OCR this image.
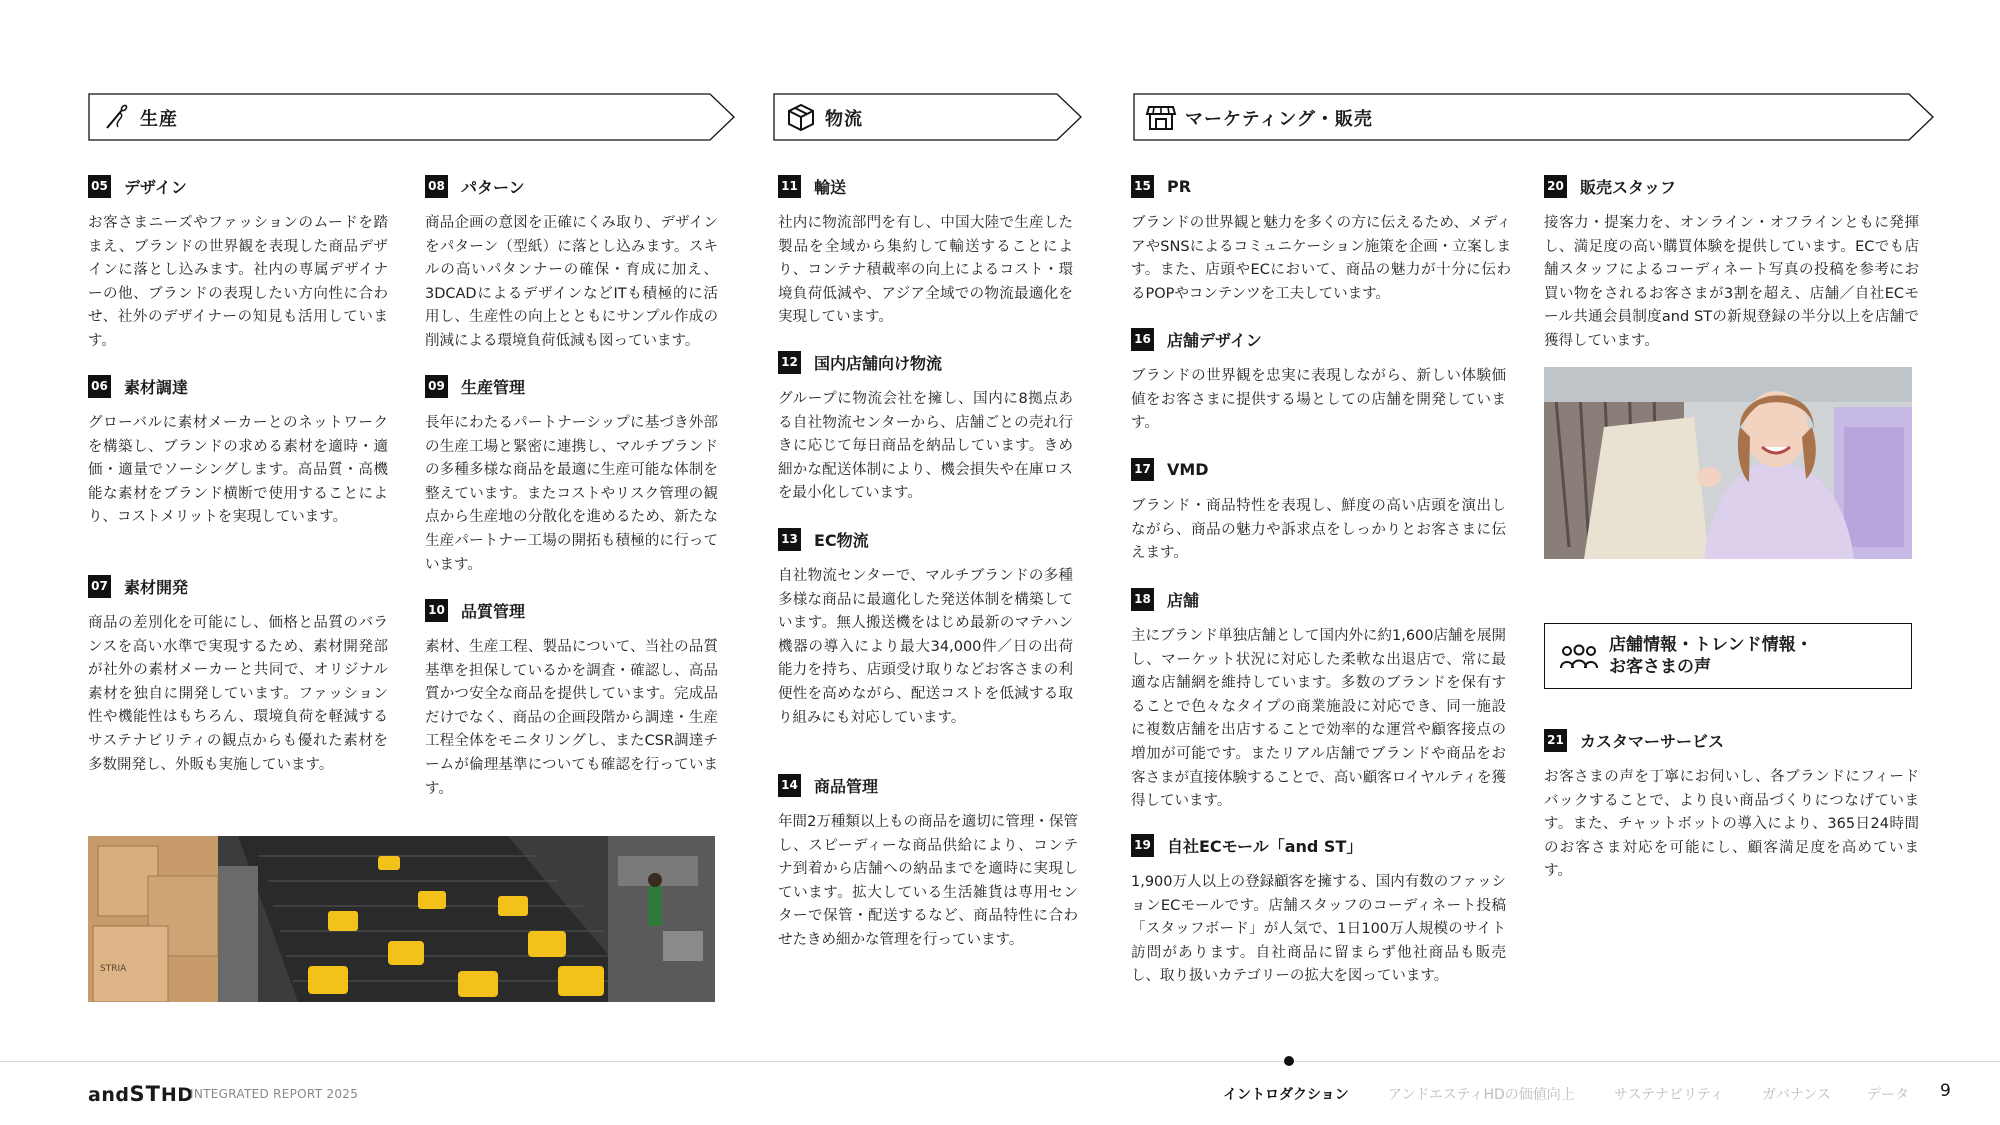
生産	物流	マーケティング・販売
05 デザイン

お客さまニーズやファッションのムードを踏まえ、ブランドの世界観を表現した商品デザインに落とし込みます。社内の専属デザイナーの他、ブランドの表現したい方向性に合わせ、社外のデザイナーの知見も活用しています。

06 素材調達

グローバルに素材メーカーとのネットワークを構築し、ブランドの求める素材を適時・適価・適量でソーシングします。高品質・高機能な素材をブランド横断で使用することにより、コストメリットを実現しています。

07 素材開発

商品の差別化を可能にし、価格と品質のバランスを高い水準で実現するため、素材開発部が社外の素材メーカーと共同で、オリジナル素材を独自に開発しています。ファッション性や機能性はもちろん、環境負荷を軽減するサステナビリティの観点からも優れた素材を多数開発し、外販も実施しています。

08 パターン

商品企画の意図を正確にくみ取り、デザインをパターン（型紙）に落とし込みます。スキルの高いパタンナーの確保・育成に加え、3DCADによるデザインなどITも積極的に活用し、生産性の向上とともにサンプル作成の削減による環境負荷低減も図っています。

09 生産管理

長年にわたるパートナーシップに基づき外部の生産工場と緊密に連携し、マルチブランドの多種多様な商品を最適に生産可能な体制を整えています。またコストやリスク管理の観点から生産地の分散化を進めるため、新たな生産パートナー工場の開拓も積極的に行っています。

10 品質管理

素材、生産工程、製品について、当社の品質基準を担保しているかを調査・確認し、高品質かつ安全な商品を提供しています。完成品だけでなく、商品の企画段階から調達・生産工程全体をモニタリングし、またCSR調達チームが倫理基準についても確認を行っています。

STRIA
11 輸送

社内に物流部門を有し、中国大陸で生産した製品を全域から集約して輸送することにより、コンテナ積載率の向上によるコスト・環境負荷低減や、アジア全域での物流最適化を実現しています。

12 国内店舗向け物流

グループに物流会社を擁し、国内に8拠点ある自社物流センターから、店舗ごとの売れ行きに応じて毎日商品を納品しています。きめ細かな配送体制により、機会損失や在庫ロスを最小化しています。

13 EC物流

自社物流センターで、マルチブランドの多種多様な商品に最適化した発送体制を構築しています。無人搬送機をはじめ最新のマテハン機器の導入により最大34,000件／日の出荷能力を持ち、店頭受け取りなどお客さまの利便性を高めながら、配送コストを低減する取り組みにも対応しています。

14 商品管理

年間2万種類以上もの商品を適切に管理・保管し、スピーディーな商品供給により、コンテナ到着から店舗への納品までを適時に実現しています。拡大している生活雑貨は専用センターで保管・配送するなど、商品特性に合わせたきめ細かな管理を行っています。

15 PR

ブランドの世界観と魅力を多くの方に伝えるため、メディアやSNSによるコミュニケーション施策を企画・立案します。また、店頭やECにおいて、商品の魅力が十分に伝わるPOPやコンテンツを工夫しています。

16 店舗デザイン

ブランドの世界観を忠実に表現しながら、新しい体験価値をお客さまに提供する場としての店舗を開発しています。

17 VMD

ブランド・商品特性を表現し、鮮度の高い店頭を演出しながら、商品の魅力や訴求点をしっかりとお客さまに伝えます。

18 店舗

主にブランド単独店舗として国内外に約1,600店舗を展開し、マーケット状況に対応した柔軟な出退店で、常に最適な店舗網を維持しています。多数のブランドを保有することで色々なタイプの商業施設に対応でき、同一施設に複数店舗を出店することで効率的な運営や顧客接点の増加が可能です。またリアル店舗でブランドや商品をお客さまが直接体験することで、高い顧客ロイヤルティを獲得しています。

19 自社ECモール「and ST」

1,900万人以上の登録顧客を擁する、国内有数のファッションECモールです。店舗スタッフのコーディネート投稿「スタッフボード」が人気で、1日100万人規模のサイト訪問があります。自社商品に留まらず他社商品も販売し、取り扱いカテゴリーの拡大を図っています。

20 販売スタッフ

接客力・提案力を、オンライン・オフラインともに発揮し、満足度の高い購買体験を提供しています。ECでも店舗スタッフによるコーディネート写真の投稿を参考にお買い物をされるお客さまが3割を超え、店舗／自社ECモール共通会員制度and STの新規登録の半分以上を店舗で獲得しています。

店舗情報・トレンド情報・
お客さまの声
21 カスタマーサービス

お客さまの声を丁寧にお伺いし、各ブランドにフィードバックすることで、より良い商品づくりにつなげています。また、チャットボットの導入により、365日24時間のお客さま対応を可能にし、顧客満足度を高めています。

andSTHD
INTEGRATED REPORT 2025	イントロダクション	アンドエスティHDの価値向上	サステナビリティ	ガバナンス	データ 9
